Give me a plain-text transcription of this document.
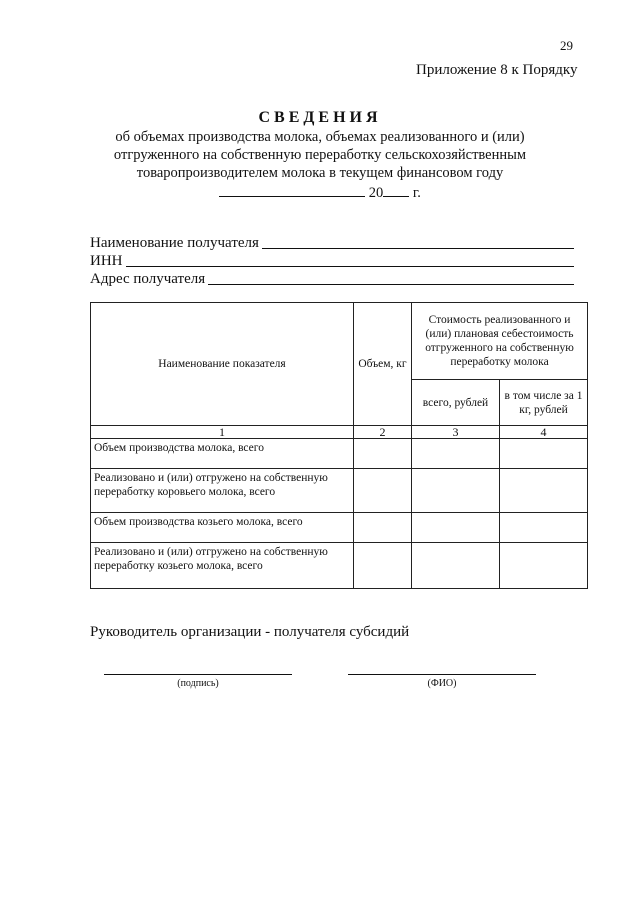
29
Приложение 8 к Порядку
СВЕДЕНИЯ
об объемах производства молока, объемах реализованного и (или)
отгруженного на собственную переработку сельскохозяйственным
товаропроизводителем молока в текущем финансовом году
20 г.
Наименование получателя
ИНН
Адрес получателя
Наименование показателя	Объем, кг	Стоимость реализованного и (или) плановая себестоимость отгруженного на собственную переработку молока	
		всего, рублей	в том числе за 1 кг, рублей
1	2	3	4
Объем производства молока, всего			
Реализовано и (или) отгружено на собственную переработку коровьего молока, всего			
Объем производства козьего молока, всего			
Реализовано и (или) отгружено на собственную переработку козьего молока, всего			
Руководитель организации - получателя субсидий
(подпись)	(ФИО)
